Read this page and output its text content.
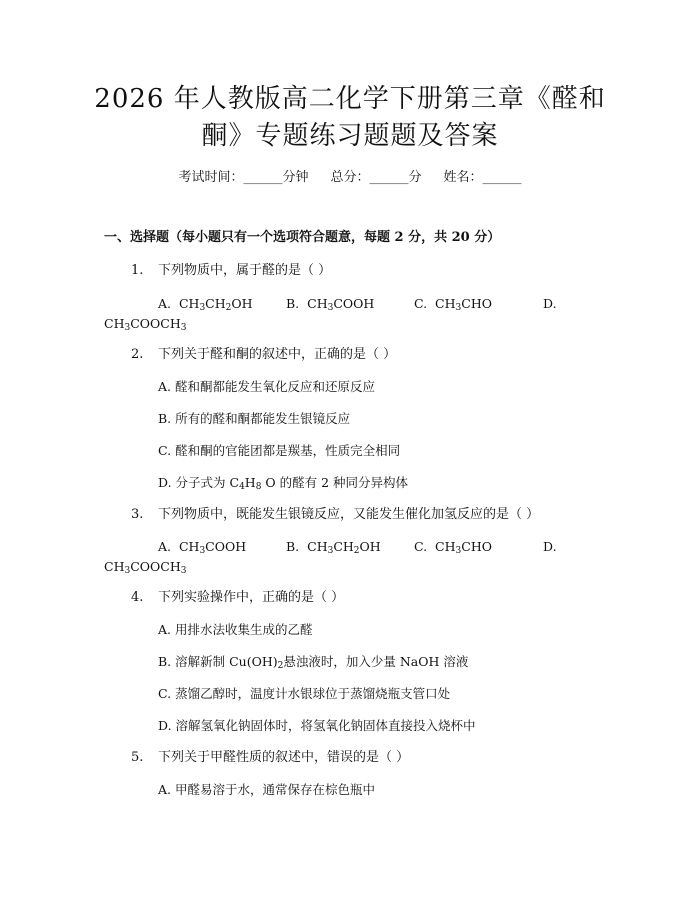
2026 年人教版高二化学下册第三章《醛和
酮》专题练习题题及答案
考试时间：______分钟 总分：______分 姓名：______
一、选择题（每小题只有一个选项符合题意，每题 2 分，共 20 分）
1. 下列物质中，属于醛的是（ ）
A. $CH_3CH_2OH$	B. $CH_3COOH$	C. $CH_3CHO$	D.
$CH_3COOCH_3$
2. 下列关于醛和酮的叙述中，正确的是（ ）
A. 醛和酮都能发生氧化反应和还原反应
B. 所有的醛和酮都能发生银镜反应
C. 醛和酮的官能团都是羰基，性质完全相同
D. 分子式为 $C_4H_8$ O 的醛有 2 种同分异构体
3. 下列物质中，既能发生银镜反应，又能发生催化加氢反应的是（ ）
A. $CH_3COOH$	B. $CH_3CH_2OH$	C. $CH_3CHO$	D.
$CH_3COOCH_3$
4. 下列实验操作中，正确的是（ ）
A. 用排水法收集生成的乙醛
B. 溶解新制 $Cu(OH)_2$悬浊液时，加入少量 NaOH 溶液
C. 蒸馏乙醇时，温度计水银球位于蒸馏烧瓶支管口处
D. 溶解氢氧化钠固体时，将氢氧化钠固体直接投入烧杯中
5. 下列关于甲醛性质的叙述中，错误的是（ ）
A. 甲醛易溶于水，通常保存在棕色瓶中
